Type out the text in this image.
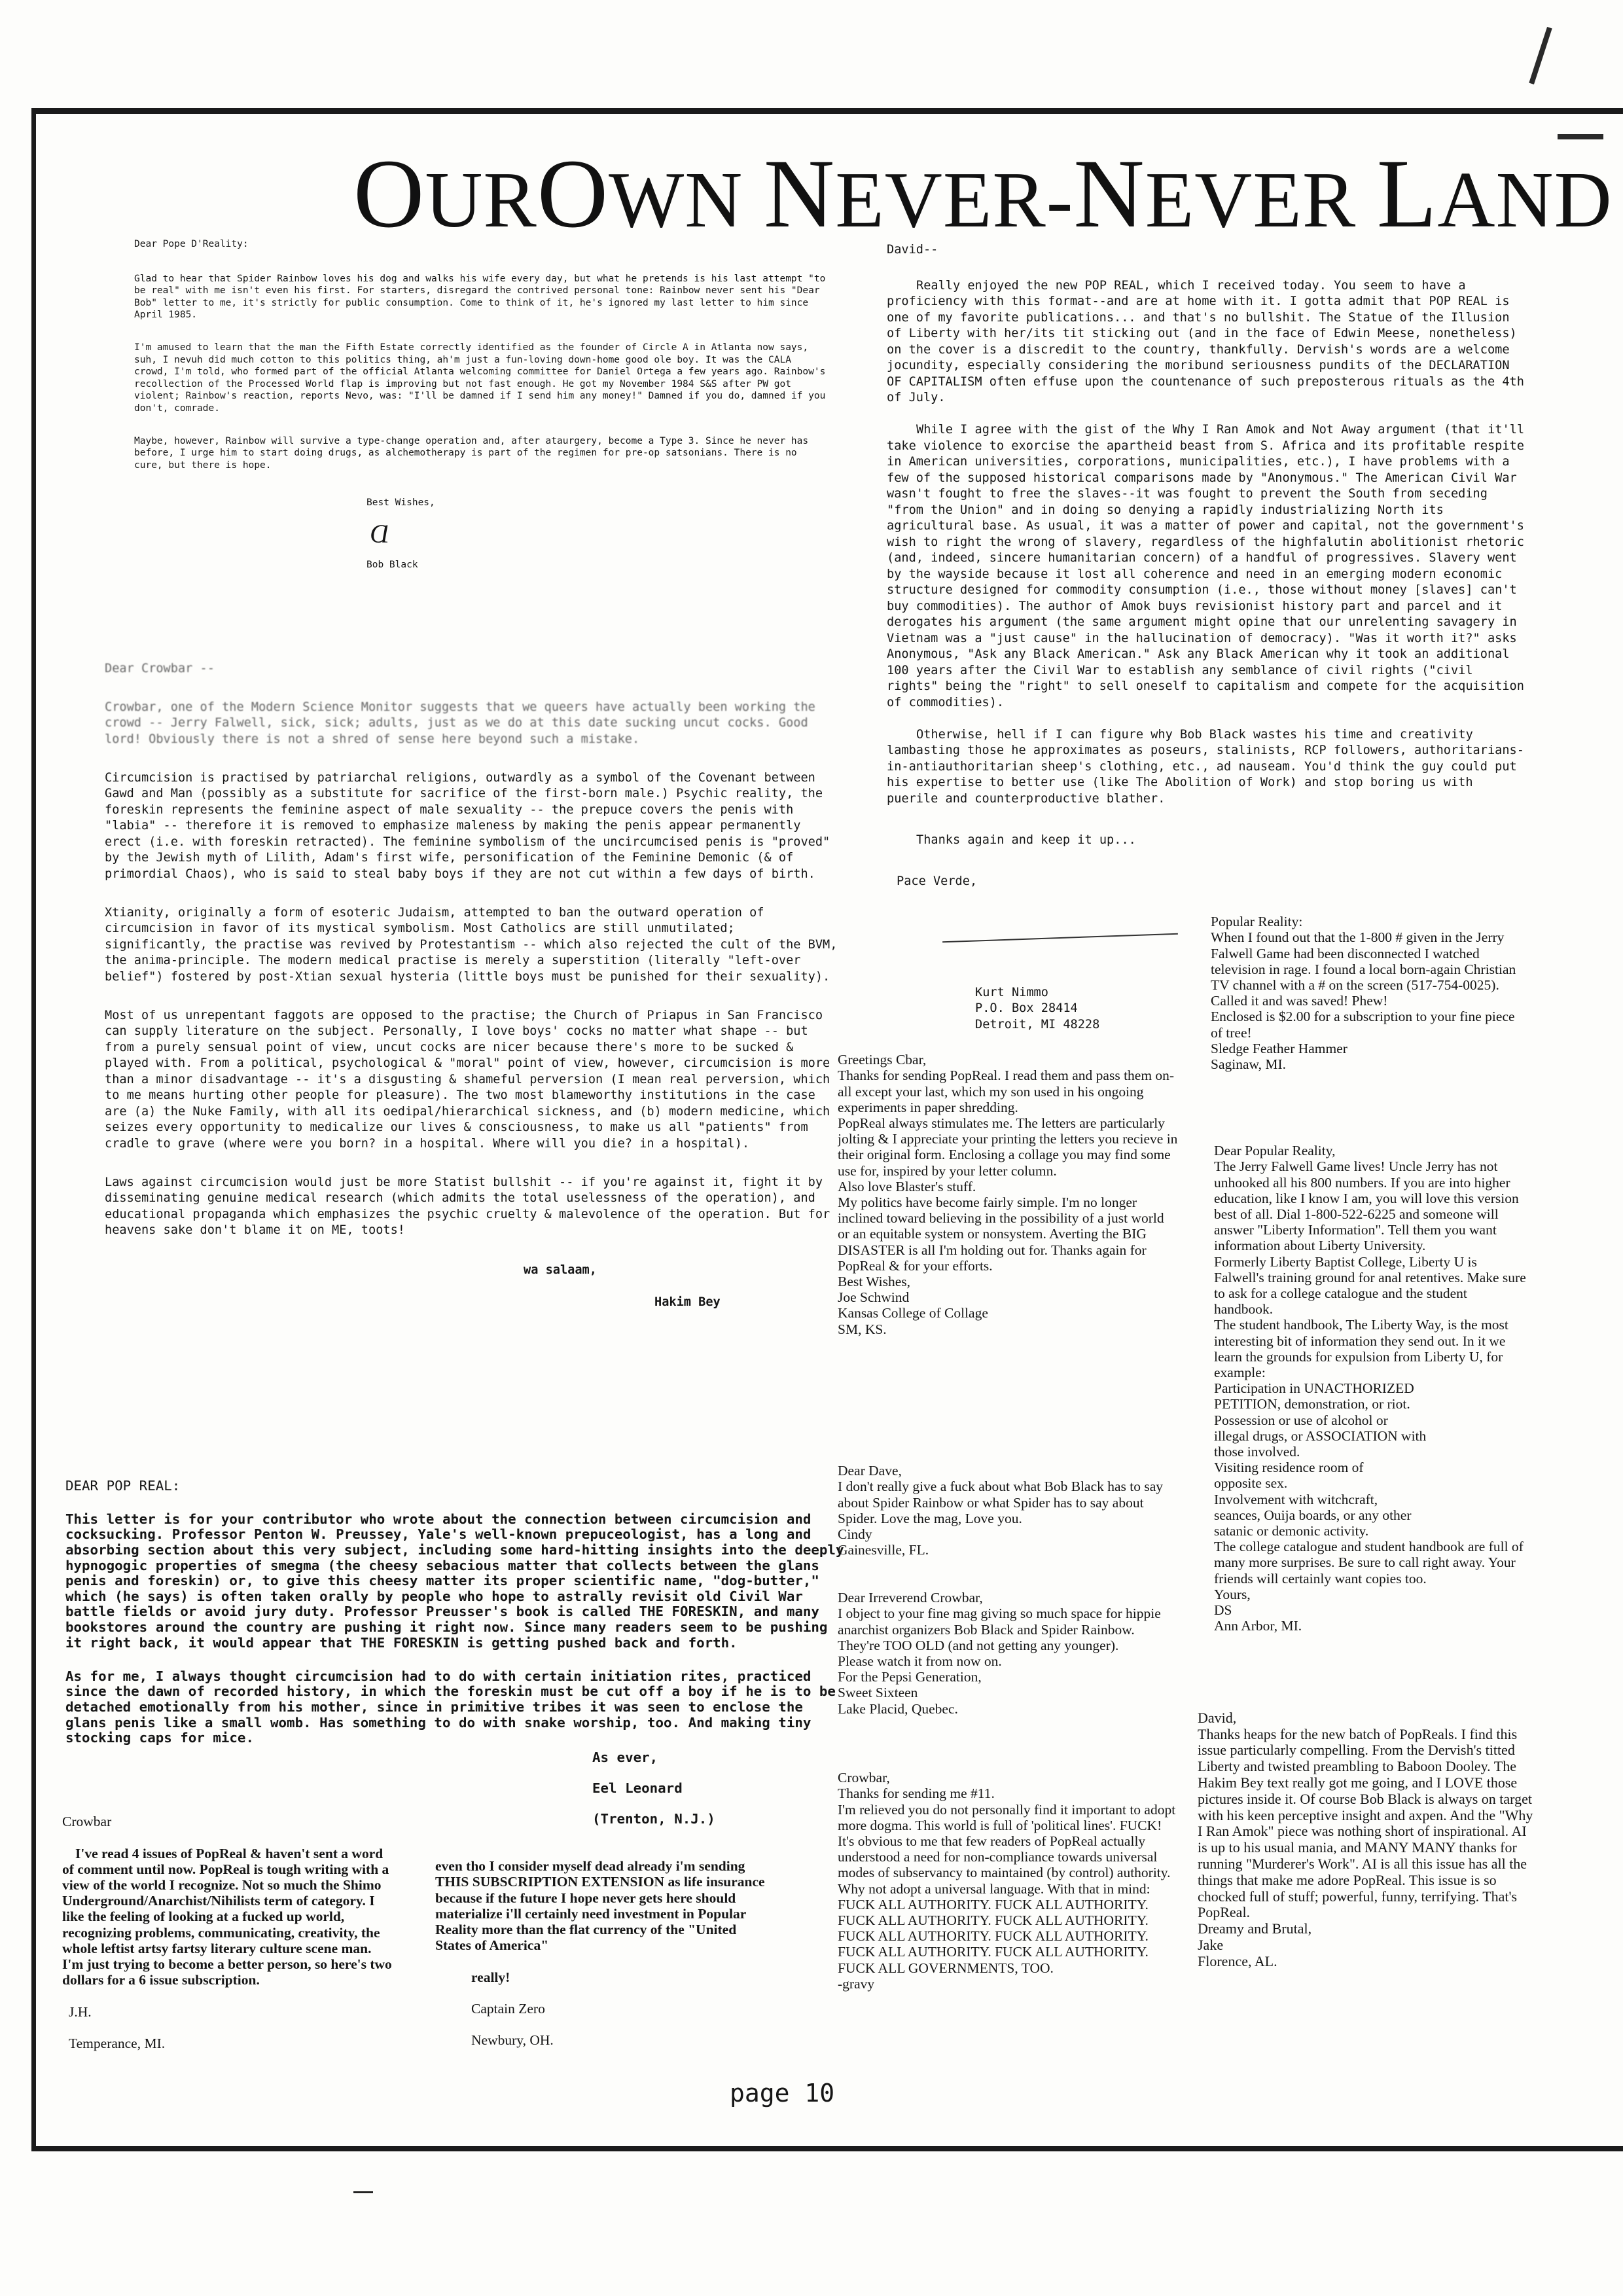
OUROWN NEVER-NEVER LAND

Dear Pope D'Reality:

Glad to hear that Spider Rainbow loves his dog and walks his wife every day, but what he pretends is his last attempt "to be real" with me isn't even his first. For starters, disregard the contrived personal tone: Rainbow never sent his "Dear Bob" letter to me, it's strictly for public consumption. Come to think of it, he's ignored my last letter to him since April 1985.

I'm amused to learn that the man the Fifth Estate correctly identified as the founder of Circle A in Atlanta now says, suh, I nevuh did much cotton to this politics thing, ah'm just a fun-loving down-home good ole boy. It was the CALA crowd, I'm told, who formed part of the official Atlanta welcoming committee for Daniel Ortega a few years ago. Rainbow's recollection of the Processed World flap is improving but not fast enough. He got my November 1984 S&S after PW got violent; Rainbow's reaction, reports Nevo, was: "I'll be damned if I send him any money!" Damned if you do, damned if you don't, comrade.

Maybe, however, Rainbow will survive a type-change operation and, after ataurgery, become a Type 3. Since he never has before, I urge him to start doing drugs, as alchemotherapy is part of the regimen for pre-op satsonians. There is no cure, but there is hope.

Best Wishes,

Ɑ

Bob Black

Dear Crowbar --

Crowbar, one of the Modern Science Monitor suggests that we queers have actually been working the crowd -- Jerry Falwell, sick, sick; adults, just as we do at this date sucking uncut cocks. Good lord! Obviously there is not a shred of sense here beyond such a mistake.

Circumcision is practised by patriarchal religions, outwardly as a symbol of the Covenant between Gawd and Man (possibly as a substitute for sacrifice of the first-born male.) Psychic reality, the foreskin represents the feminine aspect of male sexuality -- the prepuce covers the penis with "labia" -- therefore it is removed to emphasize maleness by making the penis appear permanently erect (i.e. with foreskin retracted). The feminine symbolism of the uncircumcised penis is "proved" by the Jewish myth of Lilith, Adam's first wife, personification of the Feminine Demonic (& of primordial Chaos), who is said to steal baby boys if they are not cut within a few days of birth.

Xtianity, originally a form of esoteric Judaism, attempted to ban the outward operation of circumcision in favor of its mystical symbolism. Most Catholics are still unmutilated; significantly, the practise was revived by Protestantism -- which also rejected the cult of the BVM, the anima-principle. The modern medical practise is merely a superstition (literally "left-over belief") fostered by post-Xtian sexual hysteria (little boys must be punished for their sexuality).

Most of us unrepentant faggots are opposed to the practise; the Church of Priapus in San Francisco can supply literature on the subject. Personally, I love boys' cocks no matter what shape -- but from a purely sensual point of view, uncut cocks are nicer because there's more to be sucked & played with. From a political, psychological & "moral" point of view, however, circumcision is more than a minor disadvantage -- it's a disgusting & shameful perversion (I mean real perversion, which to me means hurting other people for pleasure). The two most blameworthy institutions in the case are (a) the Nuke Family, with all its oedipal/hierarchical sickness, and (b) modern medicine, which seizes every opportunity to medicalize our lives & consciousness, to make us all "patients" from cradle to grave (where were you born? in a hospital. Where will you die? in a hospital).

Laws against circumcision would just be more Statist bullshit -- if you're against it, fight it by disseminating genuine medical research (which admits the total uselessness of the operation), and educational propaganda which emphasizes the psychic cruelty & malevolence of the operation. But for heavens sake don't blame it on ME, toots!

wa salaam,

Hakim Bey

DEAR POP REAL:

This letter is for your contributor who wrote about the connection between circumcision and cocksucking. Professor Penton W. Preussey, Yale's well-known prepuceologist, has a long and absorbing section about this very subject, including some hard-hitting insights into the deeply hypnogogic properties of smegma (the cheesy sebacious matter that collects between the glans penis and foreskin) or, to give this cheesy matter its proper scientific name, "dog-butter," which (he says) is often taken orally by people who hope to astrally revisit old Civil War battle fields or avoid jury duty. Professor Preusser's book is called THE FORESKIN, and many bookstores around the country are pushing it right now. Since many readers seem to be pushing it right back, it would appear that THE FORESKIN is getting pushed back and forth.

As for me, I always thought circumcision had to do with certain initiation rites, practiced since the dawn of recorded history, in which the foreskin must be cut off a boy if he is to be detached emotionally from his mother, since in primitive tribes it was seen to enclose the glans penis like a small womb. Has something to do with snake worship, too. And making tiny stocking caps for mice.

As ever,

Eel Leonard

(Trenton, N.J.)

Crowbar

I've read 4 issues of PopReal & haven't sent a word of comment until now. PopReal is tough writing with a view of the world I recognize. Not so much the Shimo Underground/Anarchist/Nihilists term of category. I like the feeling of looking at a fucked up world, recognizing problems, communicating, creativity, the whole leftist artsy fartsy literary culture scene man. I'm just trying to become a better person, so here's two dollars for a 6 issue subscription.

J.H.

Temperance, MI.

even tho I consider myself dead already i'm sending THIS SUBSCRIPTION EXTENSION as life insurance because if the future I hope never gets here should materialize i'll certainly need investment in Popular Reality more than the flat currency of the "United States of America"

really!

Captain Zero

Newbury, OH.

David--

Really enjoyed the new POP REAL, which I received today. You seem to have a proficiency with this format--and are at home with it. I gotta admit that POP REAL is one of my favorite publications... and that's no bullshit. The Statue of the Illusion of Liberty with her/its tit sticking out (and in the face of Edwin Meese, nonetheless) on the cover is a discredit to the country, thankfully. Dervish's words are a welcome jocundity, especially considering the moribund seriousness pundits of the DECLARATION OF CAPITALISM often effuse upon the countenance of such preposterous rituals as the 4th of July.

While I agree with the gist of the Why I Ran Amok and Not Away argument (that it'll take violence to exorcise the apartheid beast from S. Africa and its profitable respite in American universities, corporations, municipalities, etc.), I have problems with a few of the supposed historical comparisons made by "Anonymous." The American Civil War wasn't fought to free the slaves--it was fought to prevent the South from seceding "from the Union" and in doing so denying a rapidly industrializing North its agricultural base. As usual, it was a matter of power and capital, not the government's wish to right the wrong of slavery, regardless of the highfalutin abolitionist rhetoric (and, indeed, sincere humanitarian concern) of a handful of progressives. Slavery went by the wayside because it lost all coherence and need in an emerging modern economic structure designed for commodity consumption (i.e., those without money [slaves] can't buy commodities). The author of Amok buys revisionist history part and parcel and it derogates his argument (the same argument might opine that our unrelenting savagery in Vietnam was a "just cause" in the hallucination of democracy). "Was it worth it?" asks Anonymous, "Ask any Black American." Ask any Black American why it took an additional 100 years after the Civil War to establish any semblance of civil rights ("civil rights" being the "right" to sell oneself to capitalism and compete for the acquisition of commodities).

Otherwise, hell if I can figure why Bob Black wastes his time and creativity lambasting those he approximates as poseurs, stalinists, RCP followers, authoritarians-in-antiauthoritarian sheep's clothing, etc., ad nauseam. You'd think the guy could put his expertise to better use (like The Abolition of Work) and stop boring us with puerile and counterproductive blather.

Thanks again and keep it up...

Pace Verde,

Kurt Nimmo
P.O. Box 28414
Detroit, MI 48228

Greetings Cbar,
Thanks for sending PopReal. I read them and pass them on- all except your last, which my son used in his ongoing experiments in paper shredding.
PopReal always stimulates me. The letters are particularly jolting & I appreciate your printing the letters you recieve in their original form. Enclosing a collage you may find some use for, inspired by your letter column.
Also love Blaster's stuff.
My politics have become fairly simple. I'm no longer inclined toward believing in the possibility of a just world or an equitable system or nonsystem. Averting the BIG DISASTER is all I'm holding out for. Thanks again for PopReal & for your efforts.
Best Wishes,
Joe Schwind
Kansas College of Collage
SM, KS.

Dear Dave,
I don't really give a fuck about what Bob Black has to say about Spider Rainbow or what Spider has to say about Spider. Love the mag, Love you.
Cindy
Gainesville, FL.

Dear Irreverend Crowbar,
I object to your fine mag giving so much space for hippie anarchist organizers Bob Black and Spider Rainbow. They're TOO OLD (and not getting any younger).
Please watch it from now on.
For the Pepsi Generation,
Sweet Sixteen
Lake Placid, Quebec.

Crowbar,
Thanks for sending me #11.
I'm relieved you do not personally find it important to adopt more dogma. This world is full of 'political lines'. FUCK! It's obvious to me that few readers of PopReal actually understood a need for non-compliance towards universal modes of subservancy to maintained (by control) authority. Why not adopt a universal language. With that in mind: FUCK ALL AUTHORITY. FUCK ALL AUTHORITY. FUCK ALL AUTHORITY. FUCK ALL AUTHORITY. FUCK ALL AUTHORITY. FUCK ALL AUTHORITY. FUCK ALL AUTHORITY. FUCK ALL AUTHORITY. FUCK ALL GOVERNMENTS, TOO.
-gravy

Popular Reality:
When I found out that the 1-800 # given in the Jerry Falwell Game had been disconnected I watched television in rage. I found a local born-again Christian TV channel with a # on the screen (517-754-0025). Called it and was saved! Phew!
Enclosed is $2.00 for a subscription to your fine piece of tree!
Sledge Feather Hammer
Saginaw, MI.

Dear Popular Reality,
The Jerry Falwell Game lives! Uncle Jerry has not unhooked all his 800 numbers. If you are into higher education, like I know I am, you will love this version best of all. Dial 1-800-522-6225 and someone will answer "Liberty Information". Tell them you want information about Liberty University.
Formerly Liberty Baptist College, Liberty U is Falwell's training ground for anal retentives. Make sure to ask for a college catalogue and the student handbook.
The student handbook, The Liberty Way, is the most interesting bit of information they send out. In it we learn the grounds for expulsion from Liberty U, for example:
Participation in UNACTHORIZED
PETITION, demonstration, or riot.
Possession or use of alcohol or
illegal drugs, or ASSOCIATION with
those involved.
Visiting residence room of
opposite sex.
Involvement with witchcraft,
seances, Ouija boards, or any other
satanic or demonic activity.
The college catalogue and student handbook are full of many more surprises. Be sure to call right away. Your friends will certainly want copies too.
Yours,
DS
Ann Arbor, MI.

David,
Thanks heaps for the new batch of PopReals. I find this issue particularly compelling. From the Dervish's titted Liberty and twisted preambling to Baboon Dooley. The Hakim Bey text really got me going, and I LOVE those pictures inside it. Of course Bob Black is always on target with his keen perceptive insight and axpen. And the "Why I Ran Amok" piece was nothing short of inspirational. AI is up to his usual mania, and MANY MANY thanks for running "Murderer's Work". AI is all this issue has all the things that make me adore PopReal. This issue is so chocked full of stuff; powerful, funny, terrifying. That's PopReal.
Dreamy and Brutal,
Jake
Florence, AL.

page 10
